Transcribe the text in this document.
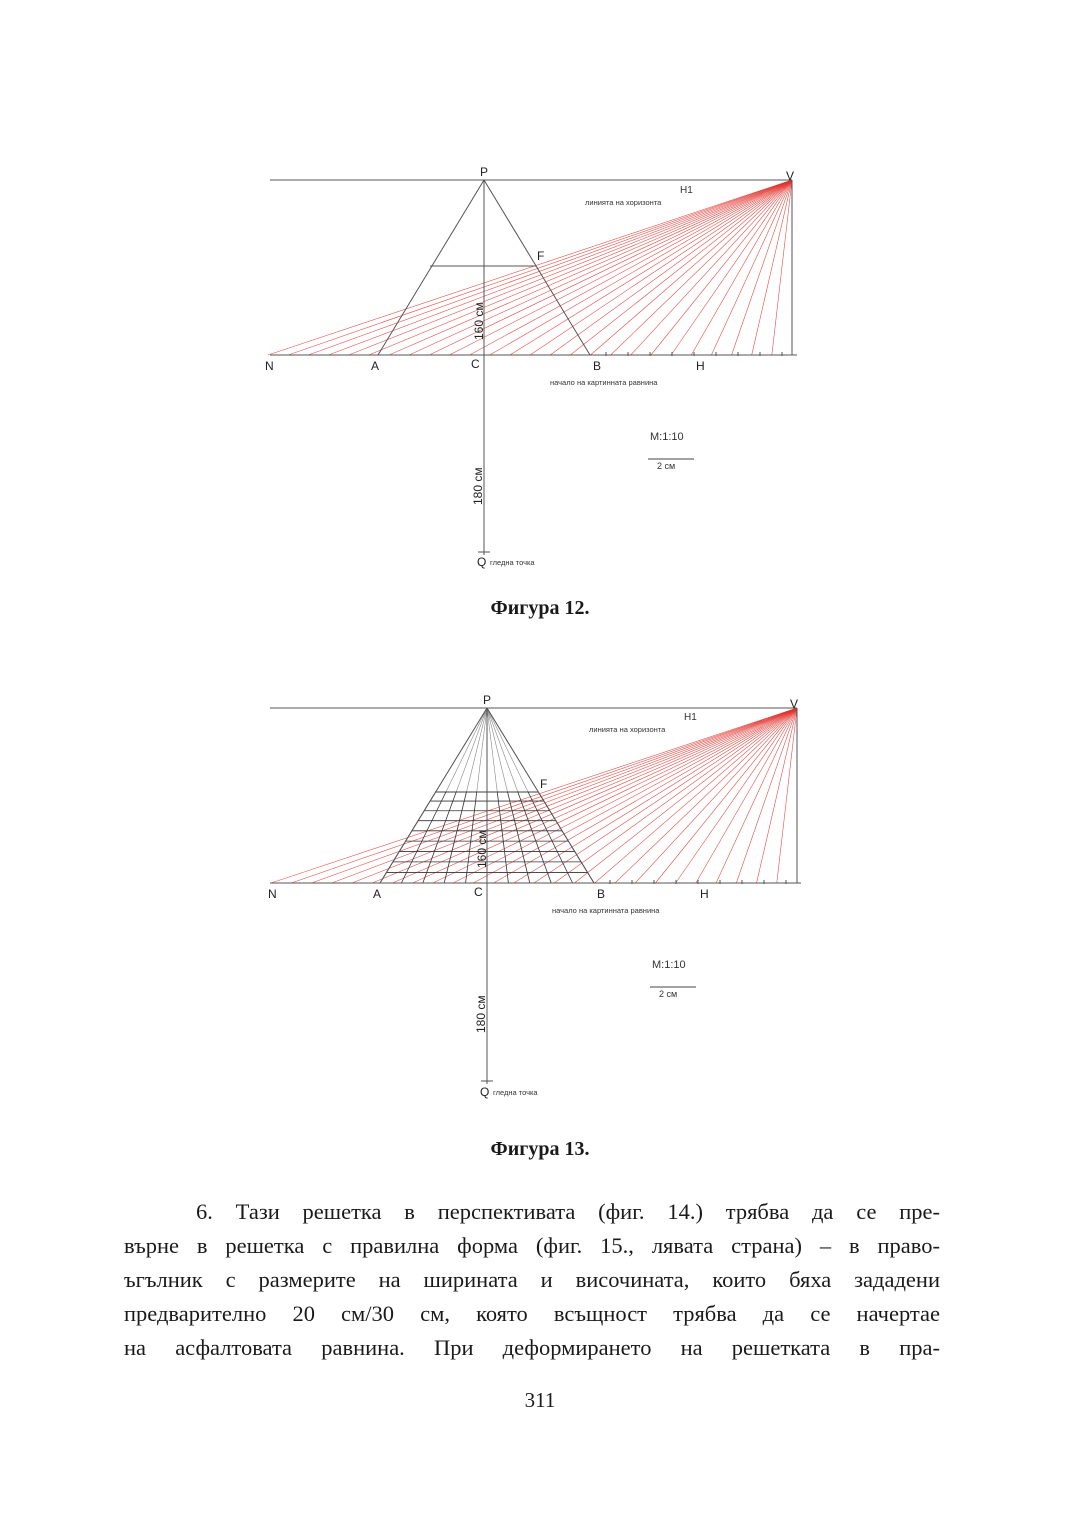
P	V
H1
линията на хоризонта
F
N	A	C	B	H
начало на картинната равнина
160 см
180 см
Q гледна точка
M:1:10
2 см
Фигура 12.
P	V
H1
линията на хоризонта
F
N	A	C	B	H
начало на картинната равнина
160 см
180 см
Q гледна точка
M:1:10
2 см
Фигура 13.
6. Тази решетка в перспективата (фиг. 14.) трябва да се пре-
върне в решетка с правилна форма (фиг. 15., лявата страна) – в право-
ъгълник с размерите на ширината и височината, които бяха зададени
предварително 20 см/30 см, която всъщност трябва да се начертае
на асфалтовата равнина. При деформирането на решетката в пра-
311
